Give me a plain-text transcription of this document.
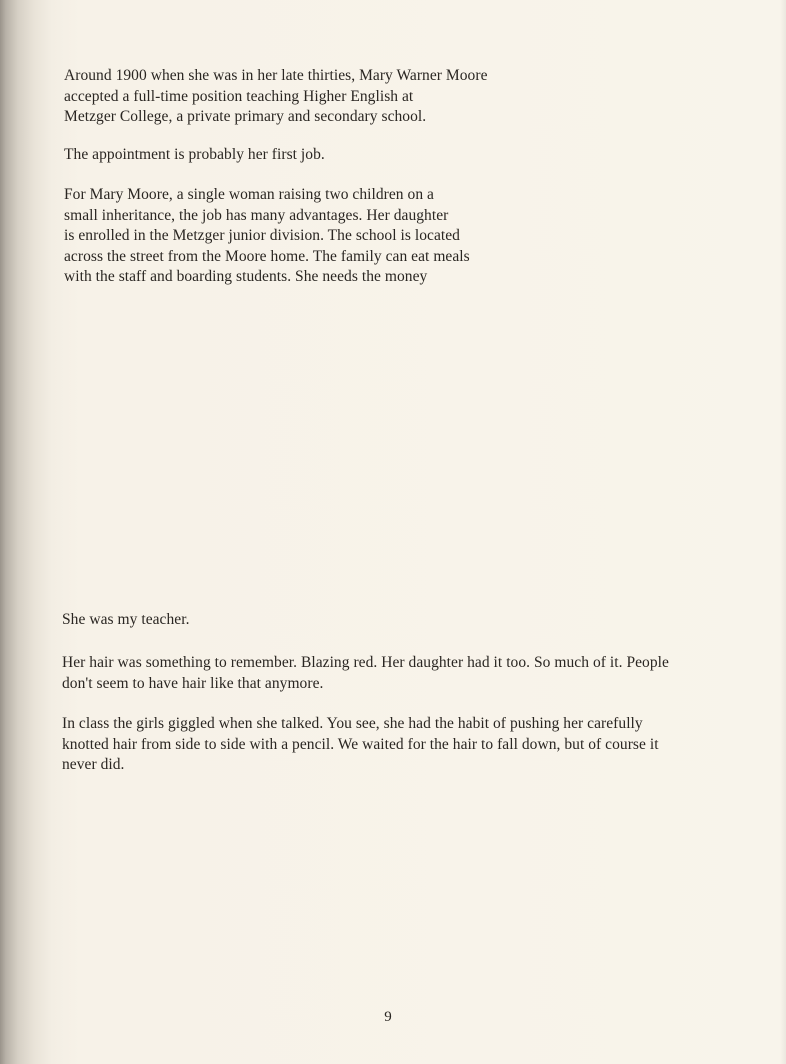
Around 1900 when she was in her late thirties, Mary Warner Moore
accepted a full-time position teaching Higher English at
Metzger College, a private primary and secondary school.

The appointment is probably her first job.

For Mary Moore, a single woman raising two children on a
small inheritance, the job has many advantages. Her daughter
is enrolled in the Metzger junior division. The school is located
across the street from the Moore home. The family can eat meals
with the staff and boarding students. She needs the money

She was my teacher.

Her hair was something to remember. Blazing red. Her daughter had it too. So much of it. People
don't seem to have hair like that anymore.

In class the girls giggled when she talked. You see, she had the habit of pushing her carefully
knotted hair from side to side with a pencil. We waited for the hair to fall down, but of course it
never did.

9
